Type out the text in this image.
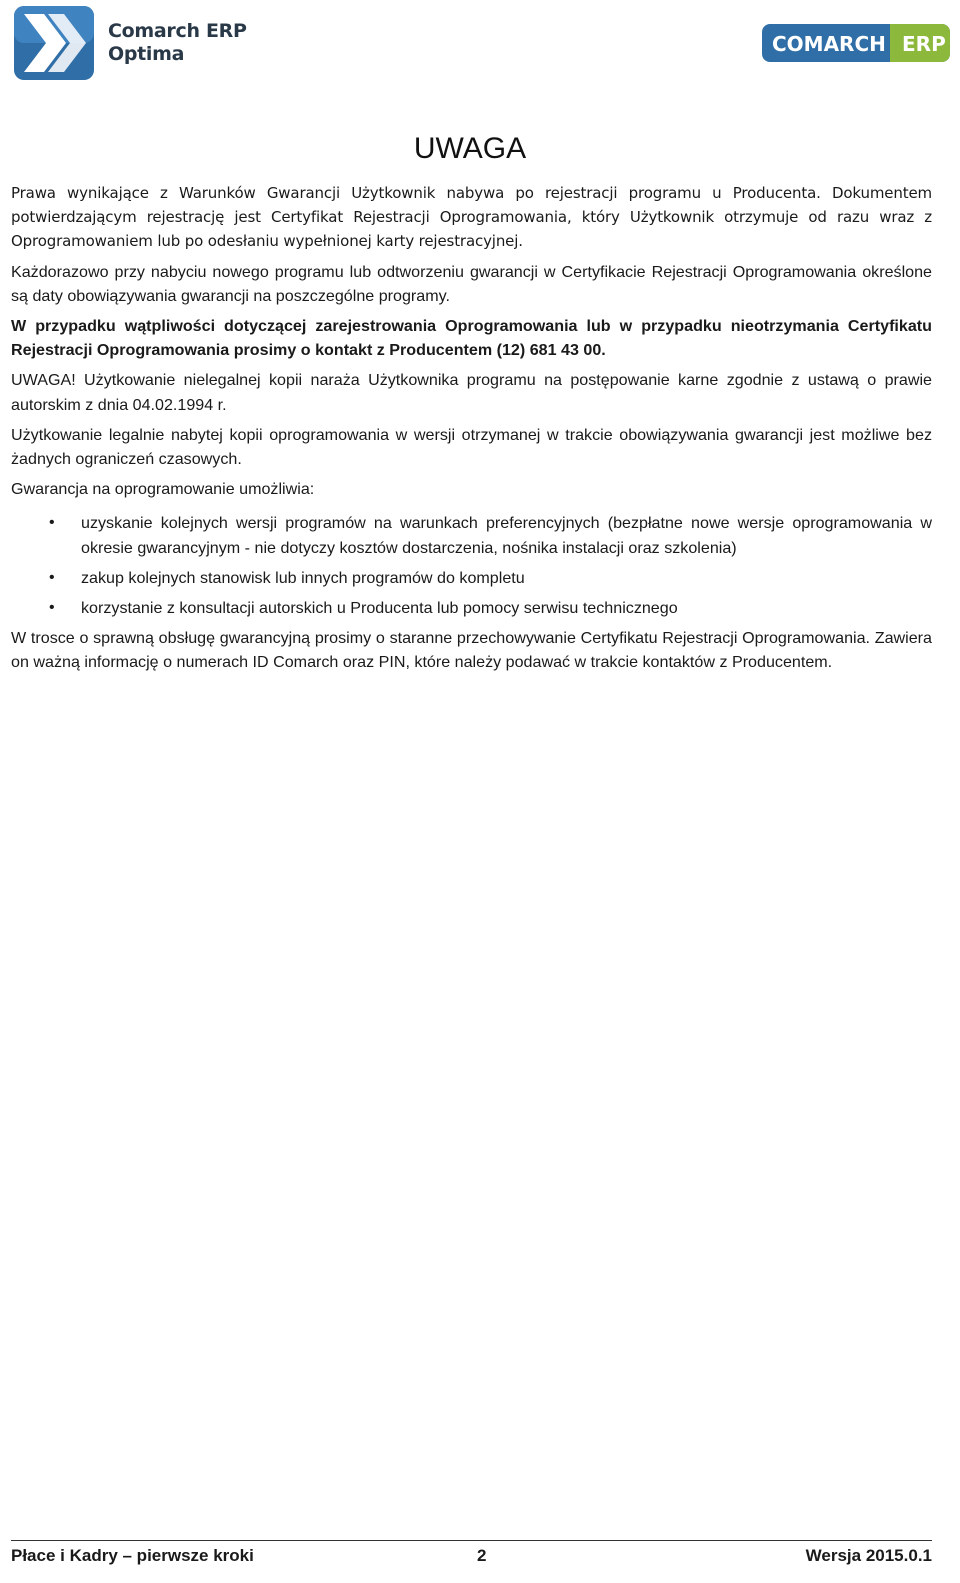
Comarch ERP
Optima	COMARCH ERP
UWAGA

Prawa wynikające z Warunków Gwarancji Użytkownik nabywa po rejestracji programu u Producenta. Dokumentem potwierdzającym rejestrację jest Certyfikat Rejestracji Oprogramowania, który Użytkownik otrzymuje od razu wraz z Oprogramowaniem lub po odesłaniu wypełnionej karty rejestracyjnej.

Każdorazowo przy nabyciu nowego programu lub odtworzeniu gwarancji w Certyfikacie Rejestracji Oprogramowania określone są daty obowiązywania gwarancji na poszczególne programy.

W przypadku wątpliwości dotyczącej zarejestrowania Oprogramowania lub w przypadku nieotrzymania Certyfikatu Rejestracji Oprogramowania prosimy o kontakt z Producentem (12) 681 43 00.

UWAGA! Użytkowanie nielegalnej kopii naraża Użytkownika programu na postępowanie karne zgodnie z ustawą o prawie autorskim z dnia 04.02.1994 r.

Użytkowanie legalnie nabytej kopii oprogramowania w wersji otrzymanej w trakcie obowiązywania gwarancji jest możliwe bez żadnych ograniczeń czasowych.

Gwarancja na oprogramowanie umożliwia:

• uzyskanie kolejnych wersji programów na warunkach preferencyjnych (bezpłatne nowe wersje oprogramowania w okresie gwarancyjnym - nie dotyczy kosztów dostarczenia, nośnika instalacji oraz szkolenia)
• zakup kolejnych stanowisk lub innych programów do kompletu
• korzystanie z konsultacji autorskich u Producenta lub pomocy serwisu technicznego

W trosce o sprawną obsługę gwarancyjną prosimy o staranne przechowywanie Certyfikatu Rejestracji Oprogramowania. Zawiera on ważną informację o numerach ID Comarch oraz PIN, które należy podawać w trakcie kontaktów z Producentem.

Płace i Kadry – pierwsze kroki	2	Wersja 2015.0.1
